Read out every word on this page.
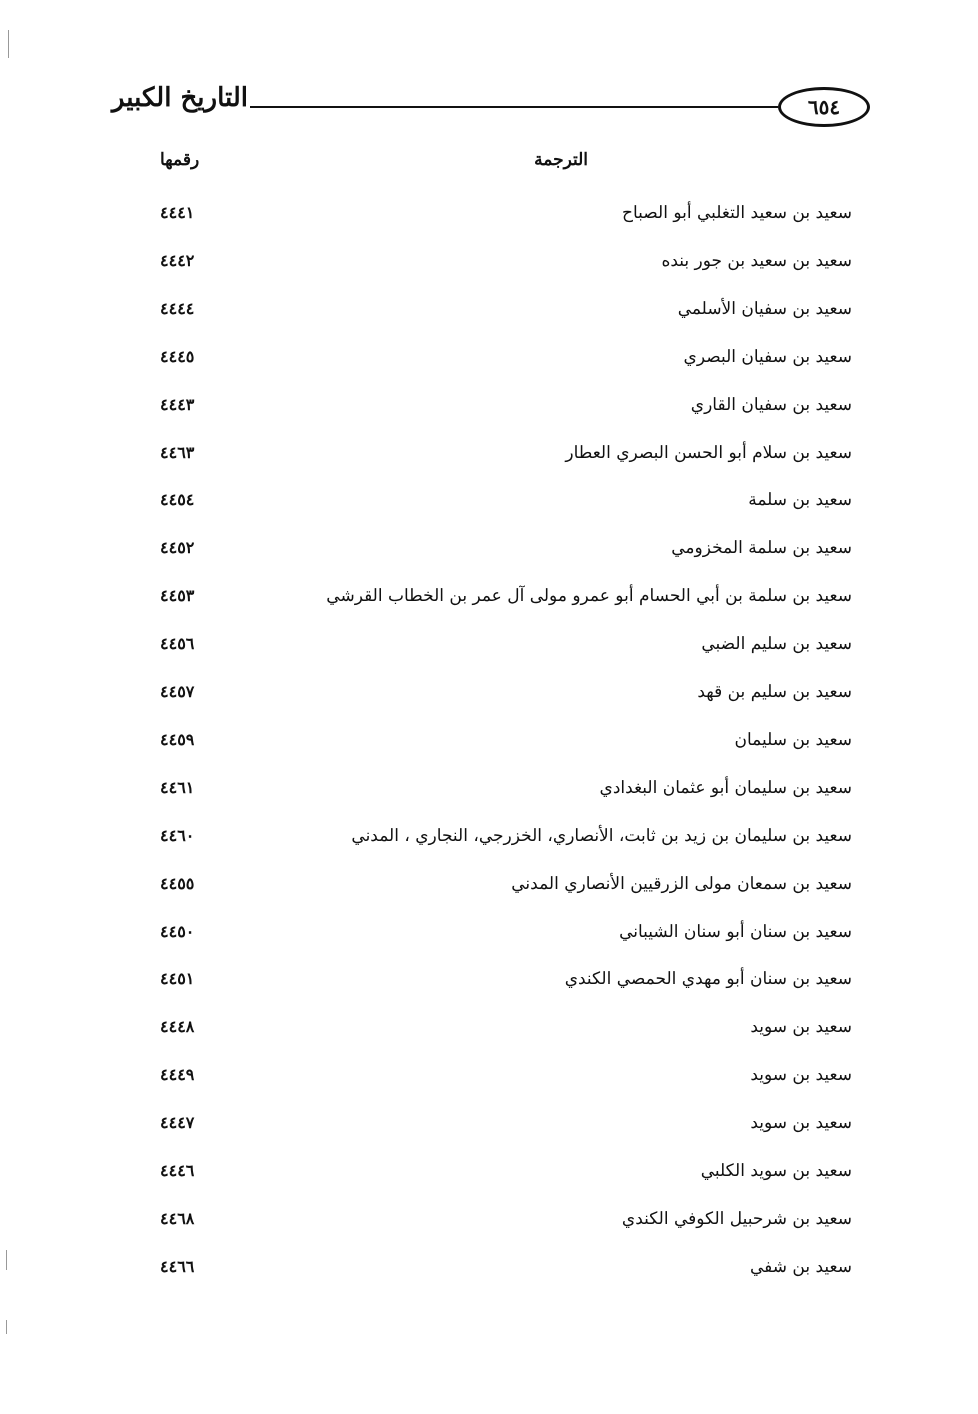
٦٥٤
التاريخ الكبير
الترجمة
رقمها
سعيد بن سعيد التغلبي أبو الصباح
٤٤٤١
سعيد بن سعيد بن جور بنده
٤٤٤٢
سعيد بن سفيان الأسلمي
٤٤٤٤
سعيد بن سفيان البصري
٤٤٤٥
سعيد بن سفيان القاري
٤٤٤٣
سعيد بن سلام أبو الحسن البصري العطار
٤٤٦٣
سعيد بن سلمة
٤٤٥٤
سعيد بن سلمة المخزومي
٤٤٥٢
سعيد بن سلمة بن أبي الحسام أبو عمرو مولى آل عمر بن الخطاب القرشي
٤٤٥٣
سعيد بن سليم الضبي
٤٤٥٦
سعيد بن سليم بن قهد
٤٤٥٧
سعيد بن سليمان
٤٤٥٩
سعيد بن سليمان أبو عثمان البغدادي
٤٤٦١
سعيد بن سليمان بن زيد بن ثابت، الأنصاري، الخزرجي، النجاري ، المدني
٤٤٦٠
سعيد بن سمعان مولى الزرقيين الأنصاري المدني
٤٤٥٥
سعيد بن سنان أبو سنان الشيباني
٤٤٥٠
سعيد بن سنان أبو مهدي الحمصي الكندي
٤٤٥١
سعيد بن سويد
٤٤٤٨
سعيد بن سويد
٤٤٤٩
سعيد بن سويد
٤٤٤٧
سعيد بن سويد الكلبي
٤٤٤٦
سعيد بن شرحبيل الكوفي الكندي
٤٤٦٨
سعيد بن شفي
٤٤٦٦
